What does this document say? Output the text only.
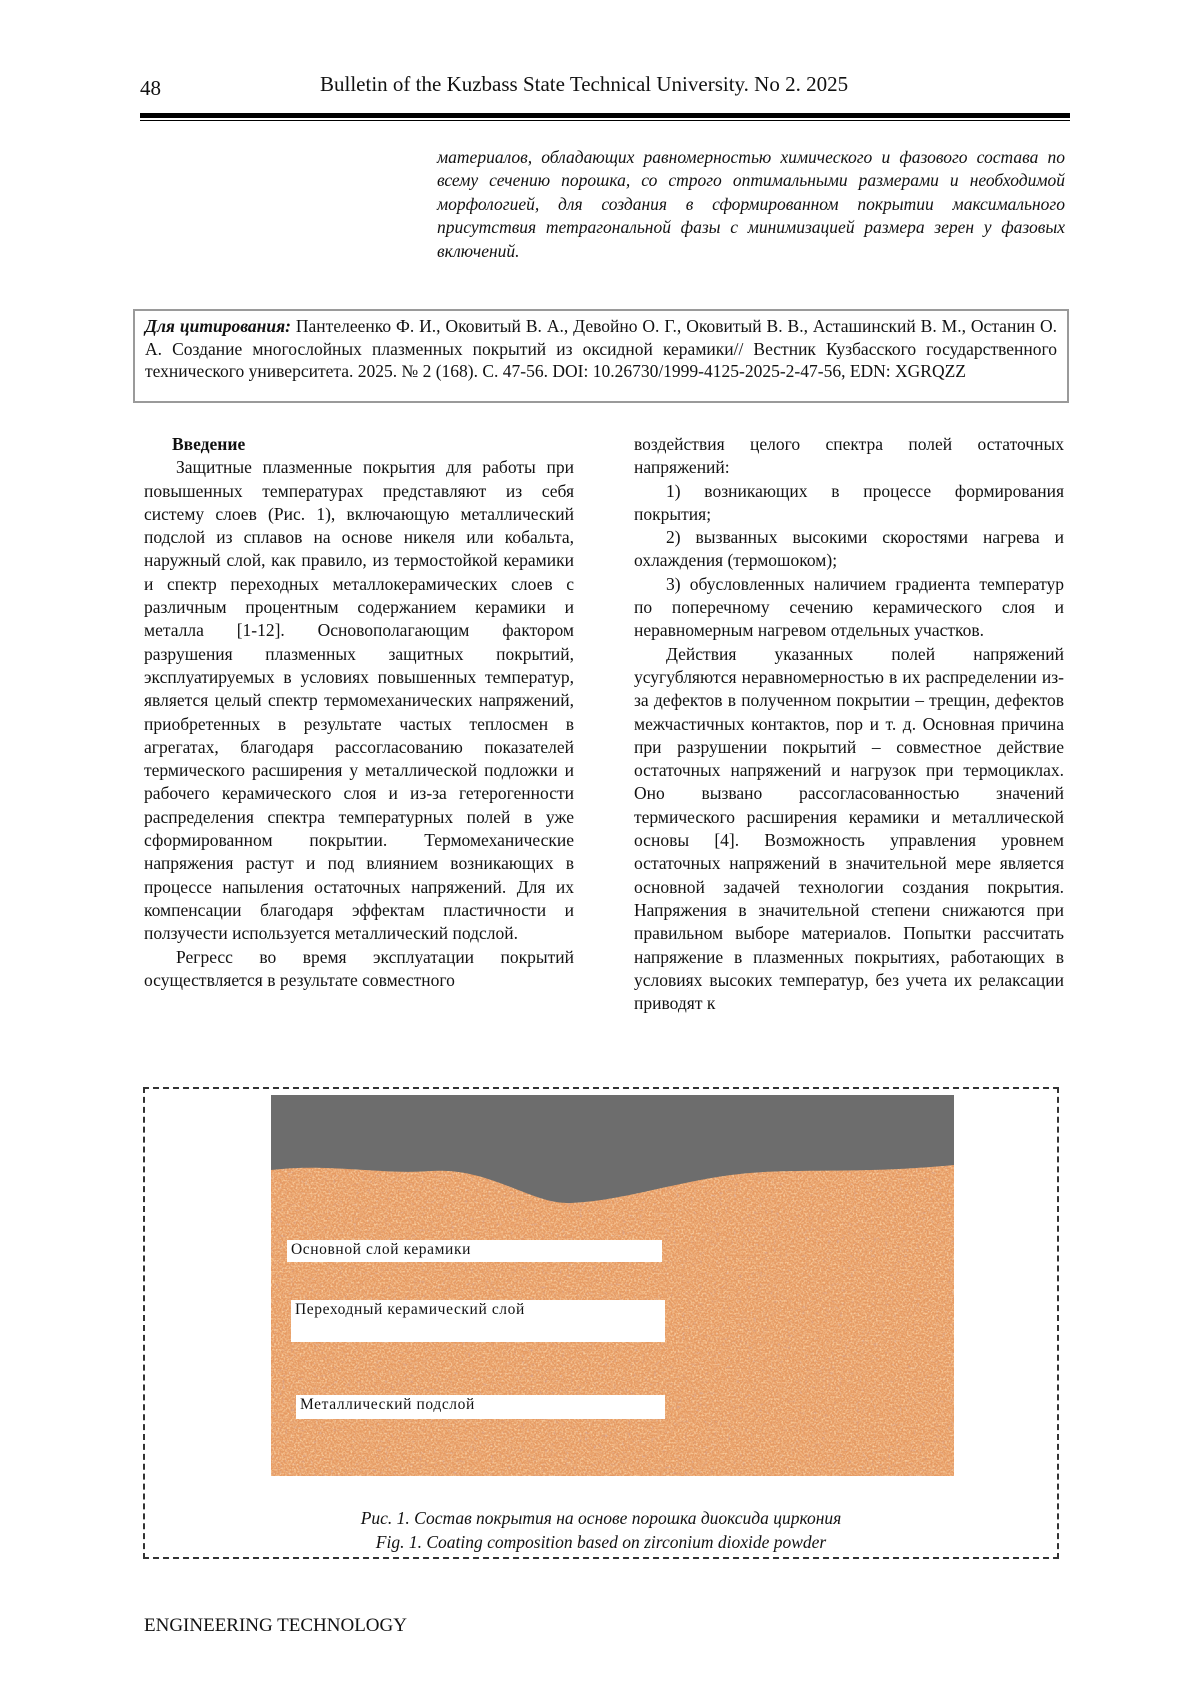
48	Bulletin of the Kuzbass State Technical University. No 2. 2025
материалов, обладающих равномерностью химического и фазового состава по всему сечению порошка, со строго оптимальными размерами и необходимой морфологией, для создания в сформированном покрытии максимального присутствия тетрагональной фазы с минимизацией размера зерен у фазовых включений.
Для цитирования: Пантелеенко Ф. И., Оковитый В. А., Девойно О. Г., Оковитый В. В., Асташинский В. М., Останин О. А. Создание многослойных плазменных покрытий из оксидной керамики// Вестник Кузбасского государственного технического университета. 2025. № 2 (168). С. 47-56. DOI: 10.26730/1999-4125-2025-2-47-56, EDN: XGRQZZ

Введение

Защитные плазменные покрытия для работы при повышенных температурах представляют из себя систему слоев (Рис. 1), включающую металлический подслой из сплавов на основе никеля или кобальта, наружный слой, как правило, из термостойкой керамики и спектр переходных металлокерамических слоев с различным процентным содержанием керамики и металла [1-12]. Основополагающим фактором разрушения плазменных защитных покрытий, эксплуатируемых в условиях повышенных температур, является целый спектр термомеханических напряжений, приобретенных в результате частых теплосмен в агрегатах, благодаря рассогласованию показателей термического расширения у металлической подложки и рабочего керамического слоя и из-за гетерогенности распределения спектра температурных полей в уже сформированном покрытии. Термомеханические напряжения растут и под влиянием возникающих в процессе напыления остаточных напряжений. Для их компенсации благодаря эффектам пластичности и ползучести используется металлический подслой.

Регресс во время эксплуатации покрытий осуществляется в результате совместного

воздействия целого спектра полей остаточных напряжений:

1) возникающих в процессе формирования покрытия;

2) вызванных высокими скоростями нагрева и охлаждения (термошоком);

3) обусловленных наличием градиента температур по поперечному сечению керамического слоя и неравномерным нагревом отдельных участков.

Действия указанных полей напряжений усугубляются неравномерностью в их распределении из-за дефектов в полученном покрытии – трещин, дефектов межчастичных контактов, пор и т. д. Основная причина при разрушении покрытий – совместное действие остаточных напряжений и нагрузок при термоциклах. Оно вызвано рассогласованностью значений термического расширения керамики и металлической основы [4]. Возможность управления уровнем остаточных напряжений в значительной мере является основной задачей технологии создания покрытия. Напряжения в значительной степени снижаются при правильном выборе материалов. Попытки рассчитать напряжение в плазменных покрытиях, работающих в условиях высоких температур, без учета их релаксации приводят к

Основной слой керамики
Переходный керамический слой
Металлический подслой
Рис. 1. Состав покрытия на основе порошка диоксида циркония
Fig. 1. Coating composition based on zirconium dioxide powder
ENGINEERING TECHNOLOGY
